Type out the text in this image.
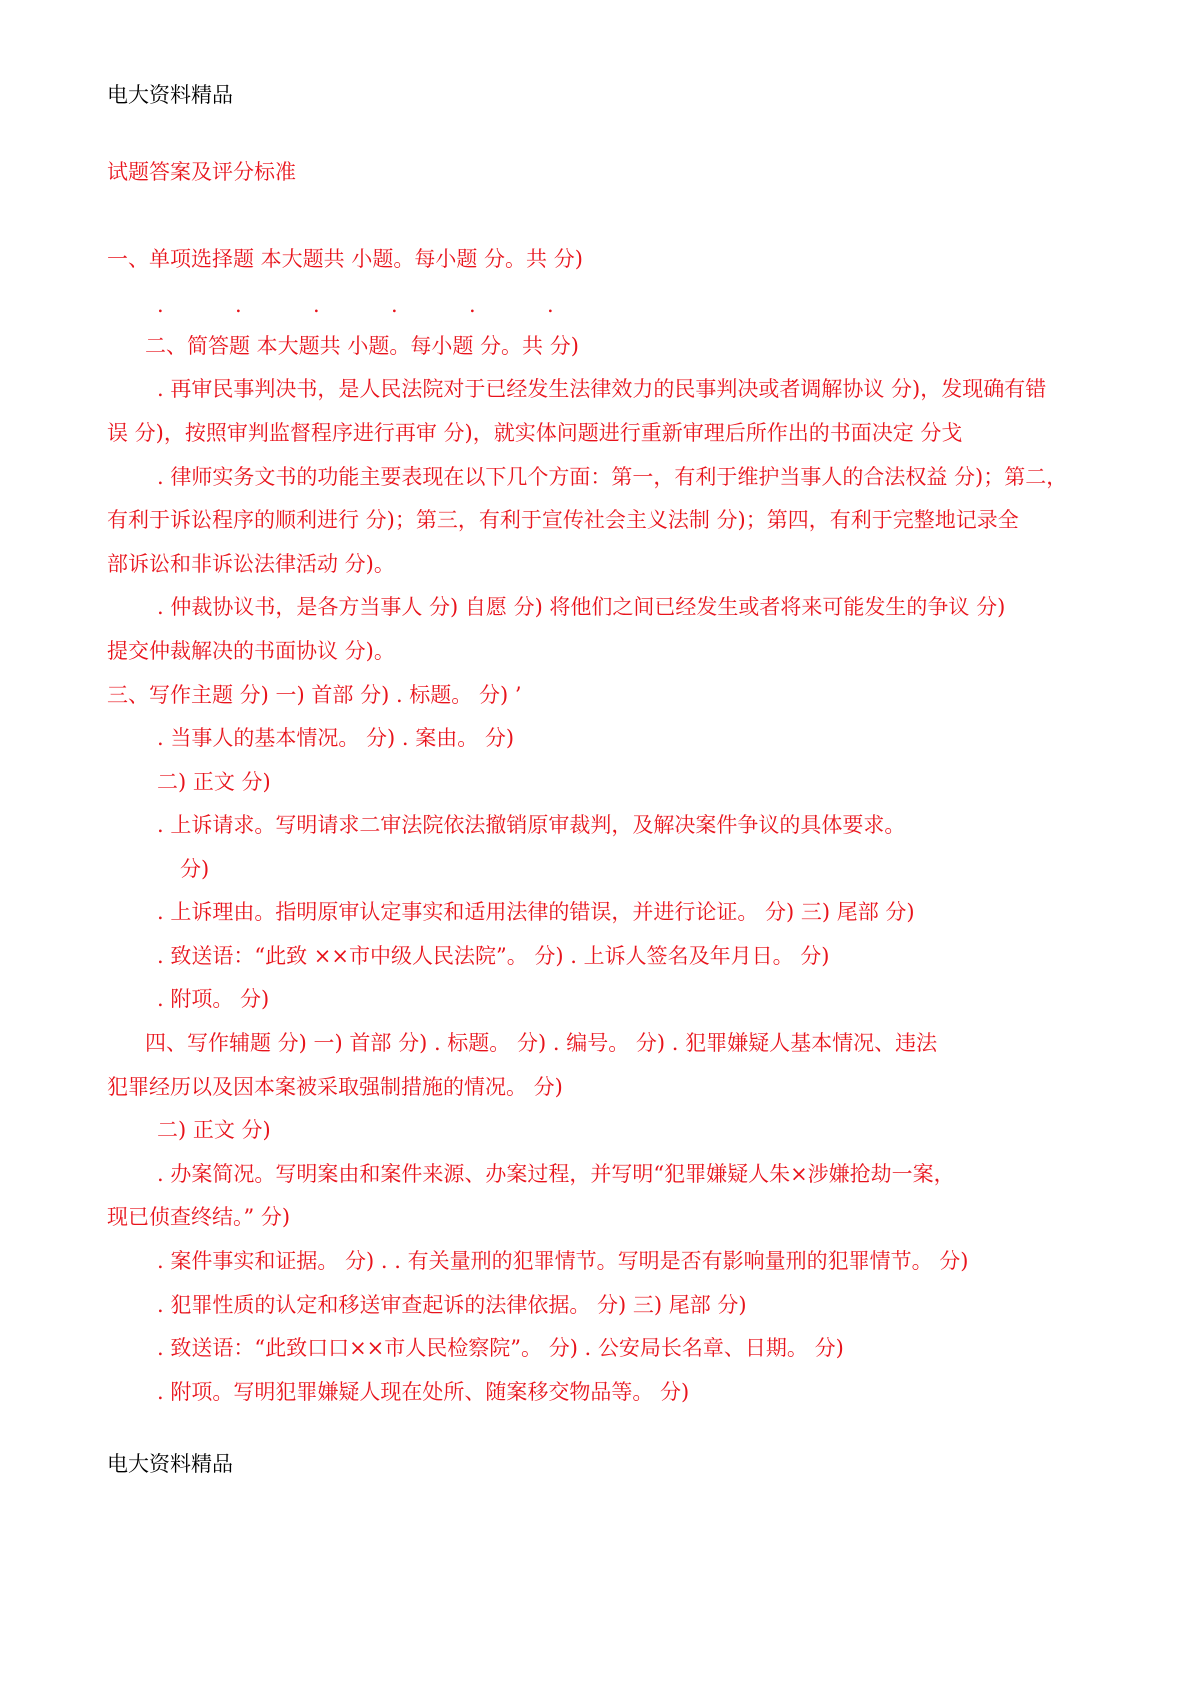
电大资料精品
试题答案及评分标准
一、单项选择题 本大题共 小题。每小题 分。共 分)
.	.	.	.	.	.
二、简答题 本大题共 小题。每小题 分。共 分)
. 再审民事判决书，是人民法院对于已经发生法律效力的民事判决或者调解协议 分)，发现确有错
误 分)，按照审判监督程序进行再审 分)，就实体问题进行重新审理后所作出的书面决定 分戈
. 律师实务文书的功能主要表现在以下几个方面：第一，有利于维护当事人的合法权益 分)；第二，
有利于诉讼程序的顺利进行 分)；第三，有利于宣传社会主义法制 分)；第四，有利于完整地记录全
部诉讼和非诉讼法律活动 分)。
. 仲裁协议书，是各方当事人 分) 自愿 分) 将他们之间已经发生或者将来可能发生的争议 分)
提交仲裁解决的书面协议 分)。
三、写作主题 分) 一) 首部 分) . 标题。 分) ’
. 当事人的基本情况。 分) . 案由。 分)
二) 正文 分)
. 上诉请求。写明请求二审法院依法撤销原审裁判，及解决案件争议的具体要求。
分)
. 上诉理由。指明原审认定事实和适用法律的错误，并进行论证。 分) 三) 尾部 分)
. 致送语：“此致 ××市中级人民法院”。 分) . 上诉人签名及年月日。 分)
. 附项。 分)
四、写作辅题 分) 一) 首部 分) . 标题。 分) . 编号。 分) . 犯罪嫌疑人基本情况、违法
犯罪经历以及因本案被采取强制措施的情况。 分)
二) 正文 分)
. 办案简况。写明案由和案件来源、办案过程，并写明“犯罪嫌疑人朱×涉嫌抢劫一案，
现已侦查终结。” 分)
. 案件事实和证据。 分) . . 有关量刑的犯罪情节。写明是否有影响量刑的犯罪情节。 分)
. 犯罪性质的认定和移送审查起诉的法律依据。 分) 三) 尾部 分)
. 致送语：“此致口口××市人民检察院”。 分) . 公安局长名章、日期。 分)
. 附项。写明犯罪嫌疑人现在处所、随案移交物品等。 分)
电大资料精品
